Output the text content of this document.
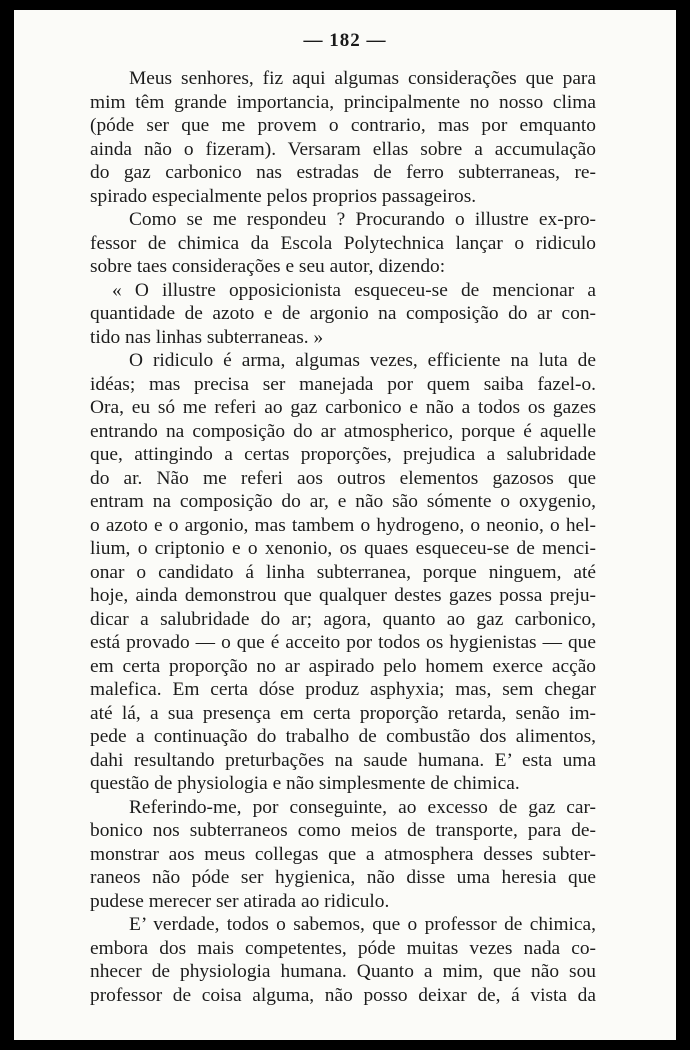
— 182 —
Meus senhores, fiz aqui algumas considerações que para
mim têm grande importancia, principalmente no nosso clima
(póde ser que me provem o contrario, mas por emquanto
ainda não o fizeram). Versaram ellas sobre a accumulação
do gaz carbonico nas estradas de ferro subterraneas, re-
spirado especialmente pelos proprios passageiros.
Como se me respondeu ? Procurando o illustre ex-pro-
fessor de chimica da Escola Polytechnica lançar o ridiculo
sobre taes considerações e seu autor, dizendo:
« O illustre opposicionista esqueceu-se de mencionar a
quantidade de azoto e de argonio na composição do ar con-
tido nas linhas subterraneas. »
O ridiculo é arma, algumas vezes, efficiente na luta de
idéas; mas precisa ser manejada por quem saiba fazel-o.
Ora, eu só me referi ao gaz carbonico e não a todos os gazes
entrando na composição do ar atmospherico, porque é aquelle
que, attingindo a certas proporções, prejudica a salubridade
do ar. Não me referi aos outros elementos gazosos que
entram na composição do ar, e não são sómente o oxygenio,
o azoto e o argonio, mas tambem o hydrogeno, o neonio, o hel-
lium, o criptonio e o xenonio, os quaes esqueceu-se de menci-
onar o candidato á linha subterranea, porque ninguem, até
hoje, ainda demonstrou que qualquer destes gazes possa preju-
dicar a salubridade do ar; agora, quanto ao gaz carbonico,
está provado — o que é acceito por todos os hygienistas — que
em certa proporção no ar aspirado pelo homem exerce acção
malefica. Em certa dóse produz asphyxia; mas, sem chegar
até lá, a sua presença em certa proporção retarda, senão im-
pede a continuação do trabalho de combustão dos alimentos,
dahi resultando preturbações na saude humana. E’ esta uma
questão de physiologia e não simplesmente de chimica.
Referindo-me, por conseguinte, ao excesso de gaz car-
bonico nos subterraneos como meios de transporte, para de-
monstrar aos meus collegas que a atmosphera desses subter-
raneos não póde ser hygienica, não disse uma heresia que
pudese merecer ser atirada ao ridiculo.
E’ verdade, todos o sabemos, que o professor de chimica,
embora dos mais competentes, póde muitas vezes nada co-
nhecer de physiologia humana. Quanto a mim, que não sou
professor de coisa alguma, não posso deixar de, á vista da
